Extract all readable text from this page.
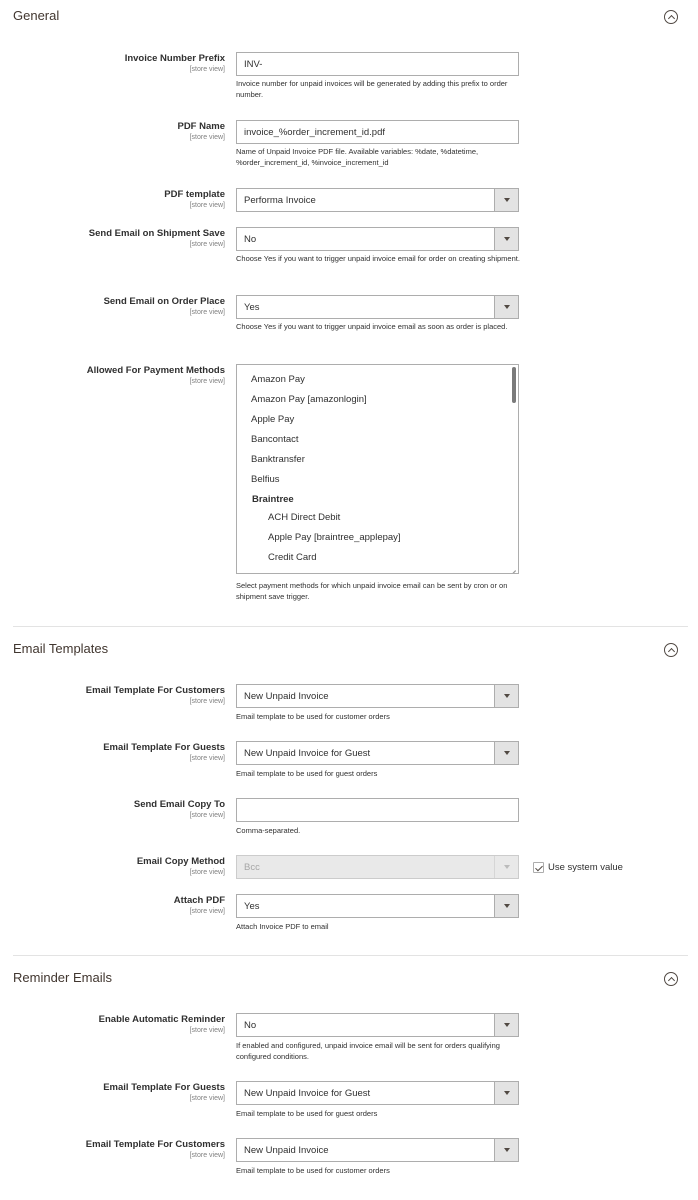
General
Invoice Number Prefix
[store view]
INV-
Invoice number for unpaid invoices will be generated by adding this prefix to order number.
PDF Name
[store view]
invoice_%order_increment_id.pdf
Name of Unpaid Invoice PDF file. Available variables: %date, %datetime, %order_increment_id, %invoice_increment_id
PDF template
[store view] Performa Invoice
Send Email on Shipment Save
[store view] No
Choose Yes if you want to trigger unpaid invoice email for order on creating shipment.
Send Email on Order Place
[store view] Yes
Choose Yes if you want to trigger unpaid invoice email as soon as order is placed.
Allowed For Payment Methods
[store view]	Amazon Pay
Amazon Pay [amazonlogin]
Apple Pay
Bancontact
Banktransfer
Belfius
Braintree
ACH Direct Debit
Apple Pay [braintree_applepay]
Credit Card
Select payment methods for which unpaid invoice email can be sent by cron or on shipment save trigger.
Email Templates
Email Template For Customers
[store view] New Unpaid Invoice
Email template to be used for customer orders
Email Template For Guests
[store view] New Unpaid Invoice for Guest
Email template to be used for guest orders
Send Email Copy To
[store view]
Comma-separated.
Email Copy Method
[store view] Bcc	Use system value
Attach PDF
[store view] Yes
Attach Invoice PDF to email
Reminder Emails
Enable Automatic Reminder
[store view] No
If enabled and configured, unpaid invoice email will be sent for orders qualifying configured conditions.
Email Template For Guests
[store view] New Unpaid Invoice for Guest
Email template to be used for guest orders
Email Template For Customers
[store view] New Unpaid Invoice
Email template to be used for customer orders
